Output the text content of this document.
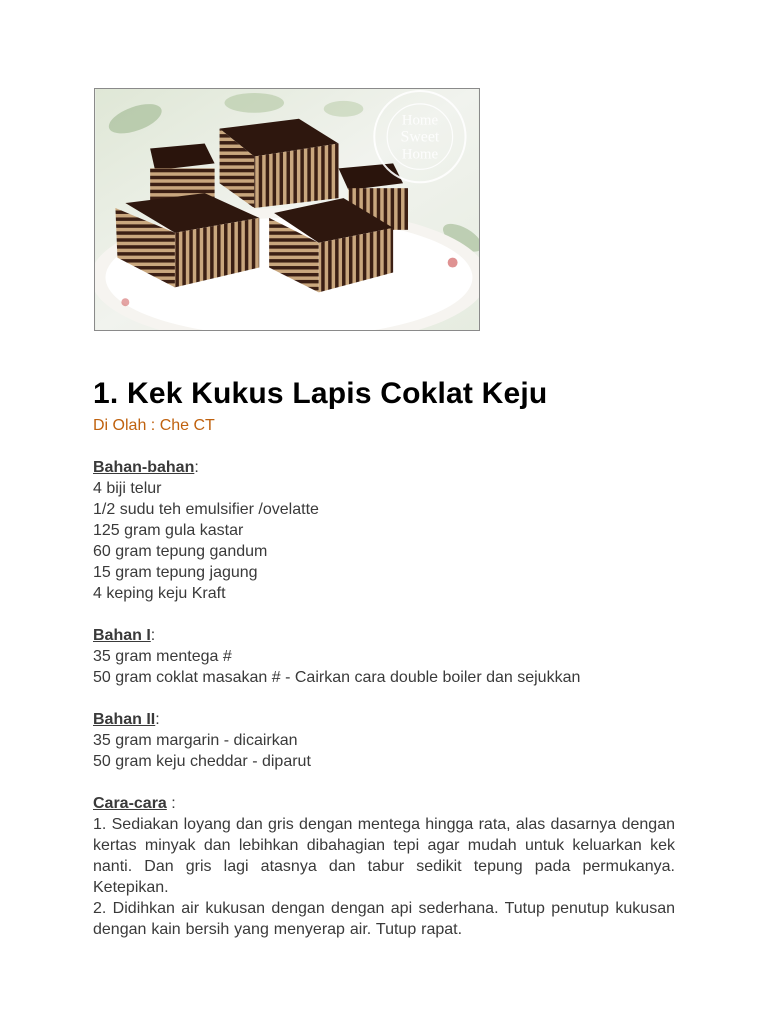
Home
Sweet
Home
1. Kek Kukus Lapis Coklat Keju

Di Olah : Che CT

Bahan-bahan:

4 biji telur

1/2 sudu teh emulsifier /ovelatte

125 gram gula kastar

60 gram tepung gandum

15 gram tepung jagung

4 keping keju Kraft

Bahan I:

35 gram mentega #

50 gram coklat masakan # - Cairkan cara double boiler dan sejukkan

Bahan II:

35 gram margarin - dicairkan

50 gram keju cheddar - diparut

Cara-cara :

1. Sediakan loyang dan gris dengan mentega hingga rata, alas dasarnya dengan kertas minyak dan lebihkan dibahagian tepi agar mudah untuk keluarkan kek nanti. Dan gris lagi atasnya dan tabur sedikit tepung pada permukanya. Ketepikan.

2. Didihkan air kukusan dengan dengan api sederhana. Tutup penutup kukusan dengan kain bersih yang menyerap air. Tutup rapat.
